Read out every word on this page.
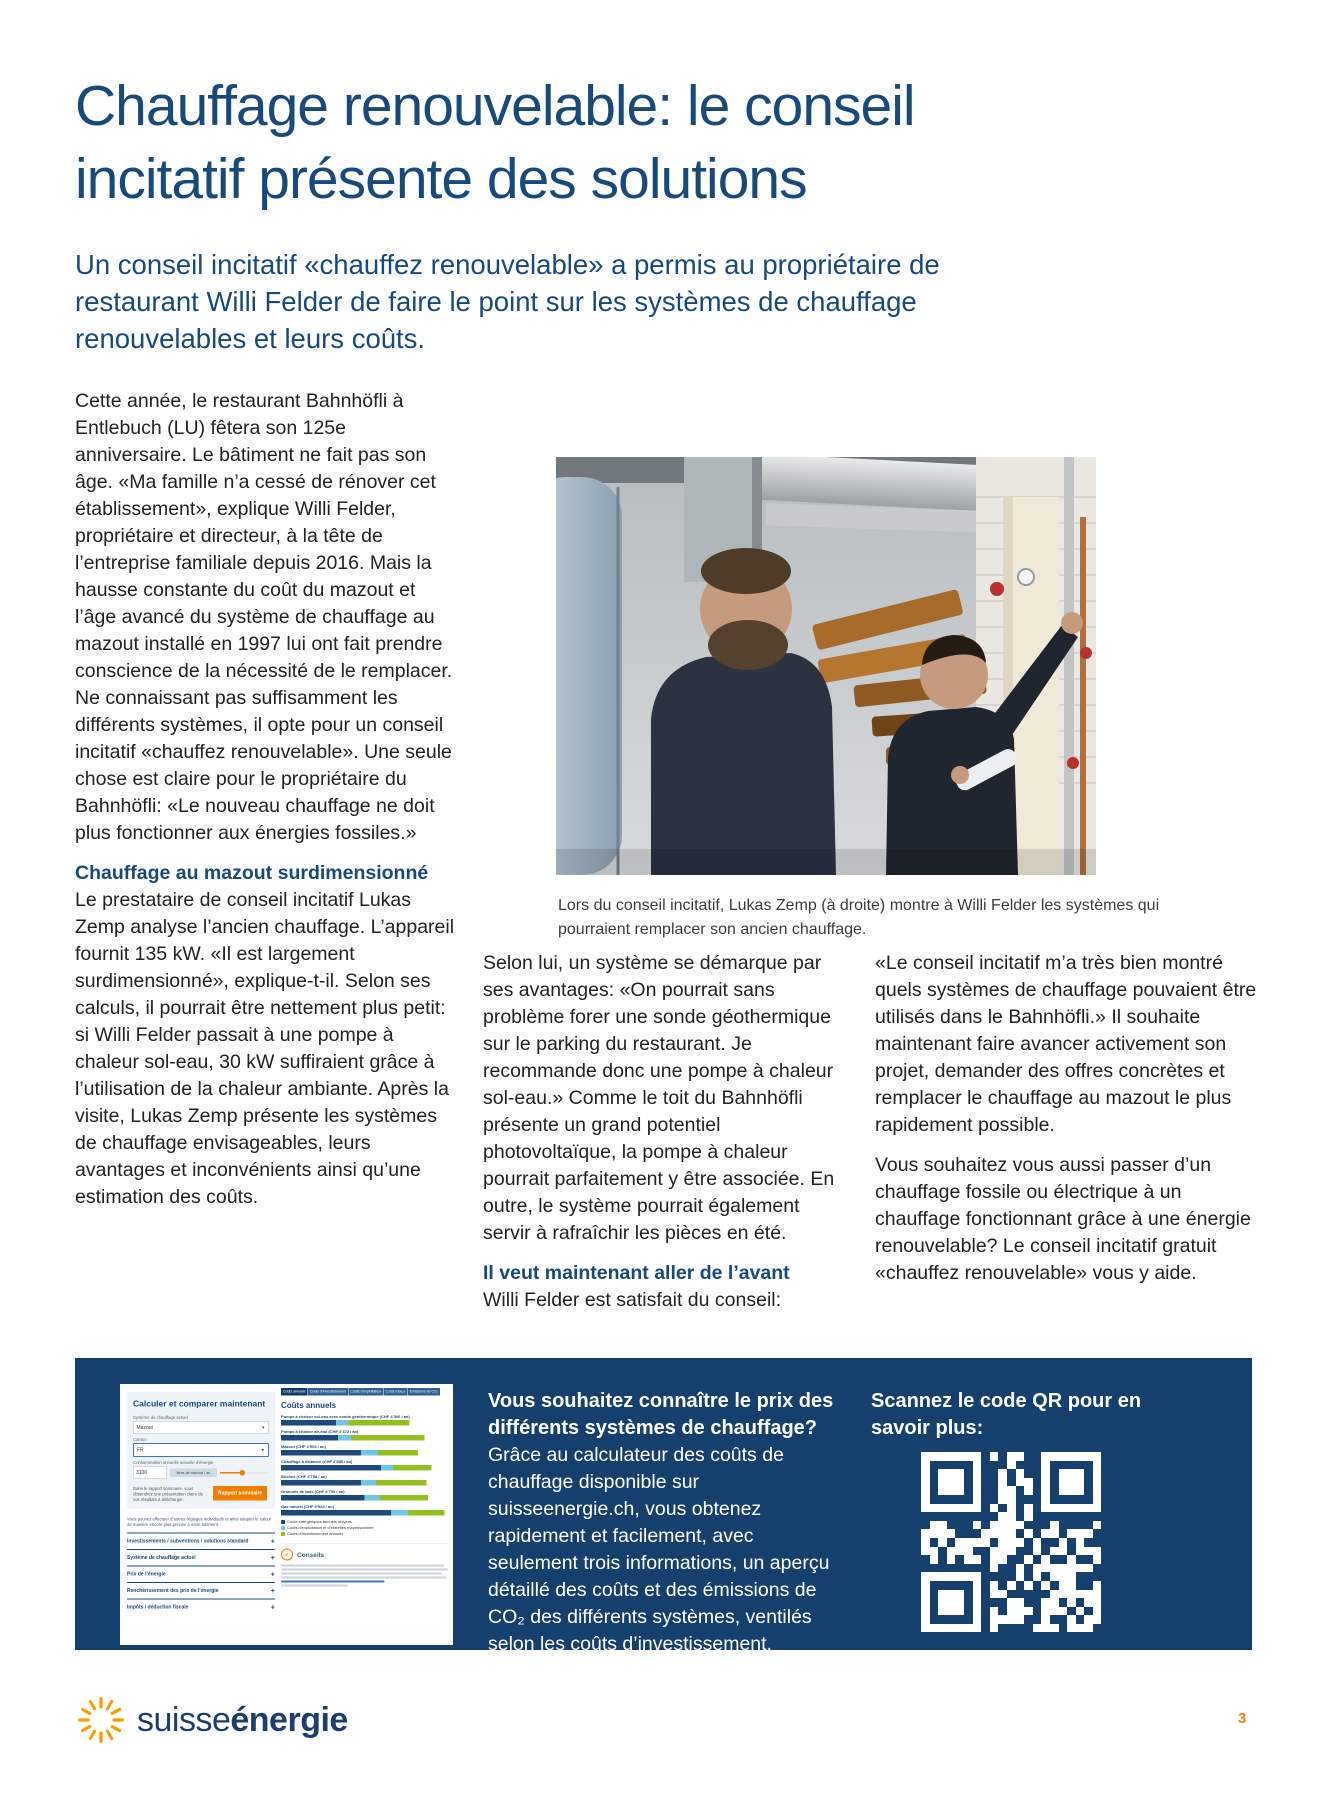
Chauffage renouvelable: le conseil incitatif présente des solutions

Un conseil incitatif «chauffez renouvelable» a permis au propriétaire de restaurant Willi Felder de faire le point sur les systèmes de chauffage renouvelables et leurs coûts.

Cette année, le restaurant Bahnhöfli à Entlebuch (LU) fêtera son 125e anniversaire. Le bâtiment ne fait pas son âge. «Ma famille n’a cessé de rénover cet établissement», explique Willi Felder, propriétaire et directeur, à la tête de l’entreprise familiale depuis 2016. Mais la hausse constante du coût du mazout et l’âge avancé du système de chauffage au mazout installé en 1997 lui ont fait prendre conscience de la nécessité de le remplacer. Ne connaissant pas suffisamment les différents systèmes, il opte pour un conseil incitatif «chauffez renouvelable». Une seule chose est claire pour le propriétaire du Bahnhöfli: «Le nouveau chauffage ne doit plus fonctionner aux énergies fossiles.»

Chauffage au mazout surdimensionné

Le prestataire de conseil incitatif Lukas Zemp analyse l’ancien chauffage. L’appareil fournit 135 kW. «Il est largement surdimensionné», explique-t-il. Selon ses calculs, il pourrait être nettement plus petit: si Willi Felder passait à une pompe à chaleur sol-eau, 30 kW suffiraient grâce à l’utilisation de la chaleur ambiante. Après la visite, Lukas Zemp présente les systèmes de chauffage envisageables, leurs avantages et inconvénients ainsi qu’une estimation des coûts.

Lors du conseil incitatif, Lukas Zemp (à droite) montre à Willi Felder les systèmes qui pourraient remplacer son ancien chauffage.

Selon lui, un système se démarque par ses avantages: «On pourrait sans problème forer une sonde géothermique sur le parking du restaurant. Je recommande donc une pompe à chaleur sol-eau.» Comme le toit du Bahnhöfli présente un grand potentiel photovoltaïque, la pompe à chaleur pourrait parfaitement y être associée. En outre, le système pourrait également servir à rafraîchir les pièces en été.

Il veut maintenant aller de l’avant

Willi Felder est satisfait du conseil:

«Le conseil incitatif m’a très bien montré quels systèmes de chauffage pouvaient être utilisés dans le Bahnhöfli.» Il souhaite maintenant faire avancer activement son projet, demander des offres concrètes et remplacer le chauffage au mazout le plus rapidement possible.

Vous souhaitez vous aussi passer d’un chauffage fossile ou électrique à un chauffage fonctionnant grâce à une énergie renouvelable? Le conseil incitatif gratuit «chauffez renouvelable» vous y aide.

Calculer et comparer maintenant
Système de chauffage actuel
Mazout	▼
Canton
FR	▼
Consommation annuelle actuelle d’énergie
3100	litres de mazout / an
Dans le rapport sommaire, vous obtiendrez une présentation claire de vos résultats à télécharger.
Rapport sommaire
Vous pouvez effectuer d’autres réglages individuels et ainsi adapter le calcul de manière encore plus précise à votre bâtiment.
Investissements / subventions / solutions standard +
Système de chauffage actuel	+
Prix de l’énergie	+
Renchérissement des prix de l’énergie	+
Impôts / déduction fiscale	+
Coûts annuels Coûts d’investissement Coûts d’exploitation Coûts totaux Émissions de CO₂
Coûts annuels
Pompe à chaleur sol-eau avec sonde géothermique (CHF 4’306 / an)
Pompe à chaleur air-eau (CHF 4’372 / an)
Mazout (CHF 4’503 / an)
Chauffage à distance (CHF 4’985 / an)
Bûches (CHF 4’788 / an)
Granulés de bois (CHF 4’799 / an)
Gaz naturel (CHF 5’524 / an)
Coûts énergétiques annuels moyens
Coûts d’exploitation et d’entretien moyens/année
Coûts d’investissement annuels
✓ Conseils
Vous souhaitez connaître le prix des différents systèmes de chauffage?
Grâce au calculateur des coûts de chauffage disponible sur suisseenergie.ch, vous obtenez rapidement et facilement, avec seulement trois informations, un aperçu détaillé des coûts et des émissions de CO₂ des différents systèmes, ventilés selon les coûts d’investissement, d’entretien et d’énergie.
Scannez le code QR pour en savoir plus:
suisseénergie	3
